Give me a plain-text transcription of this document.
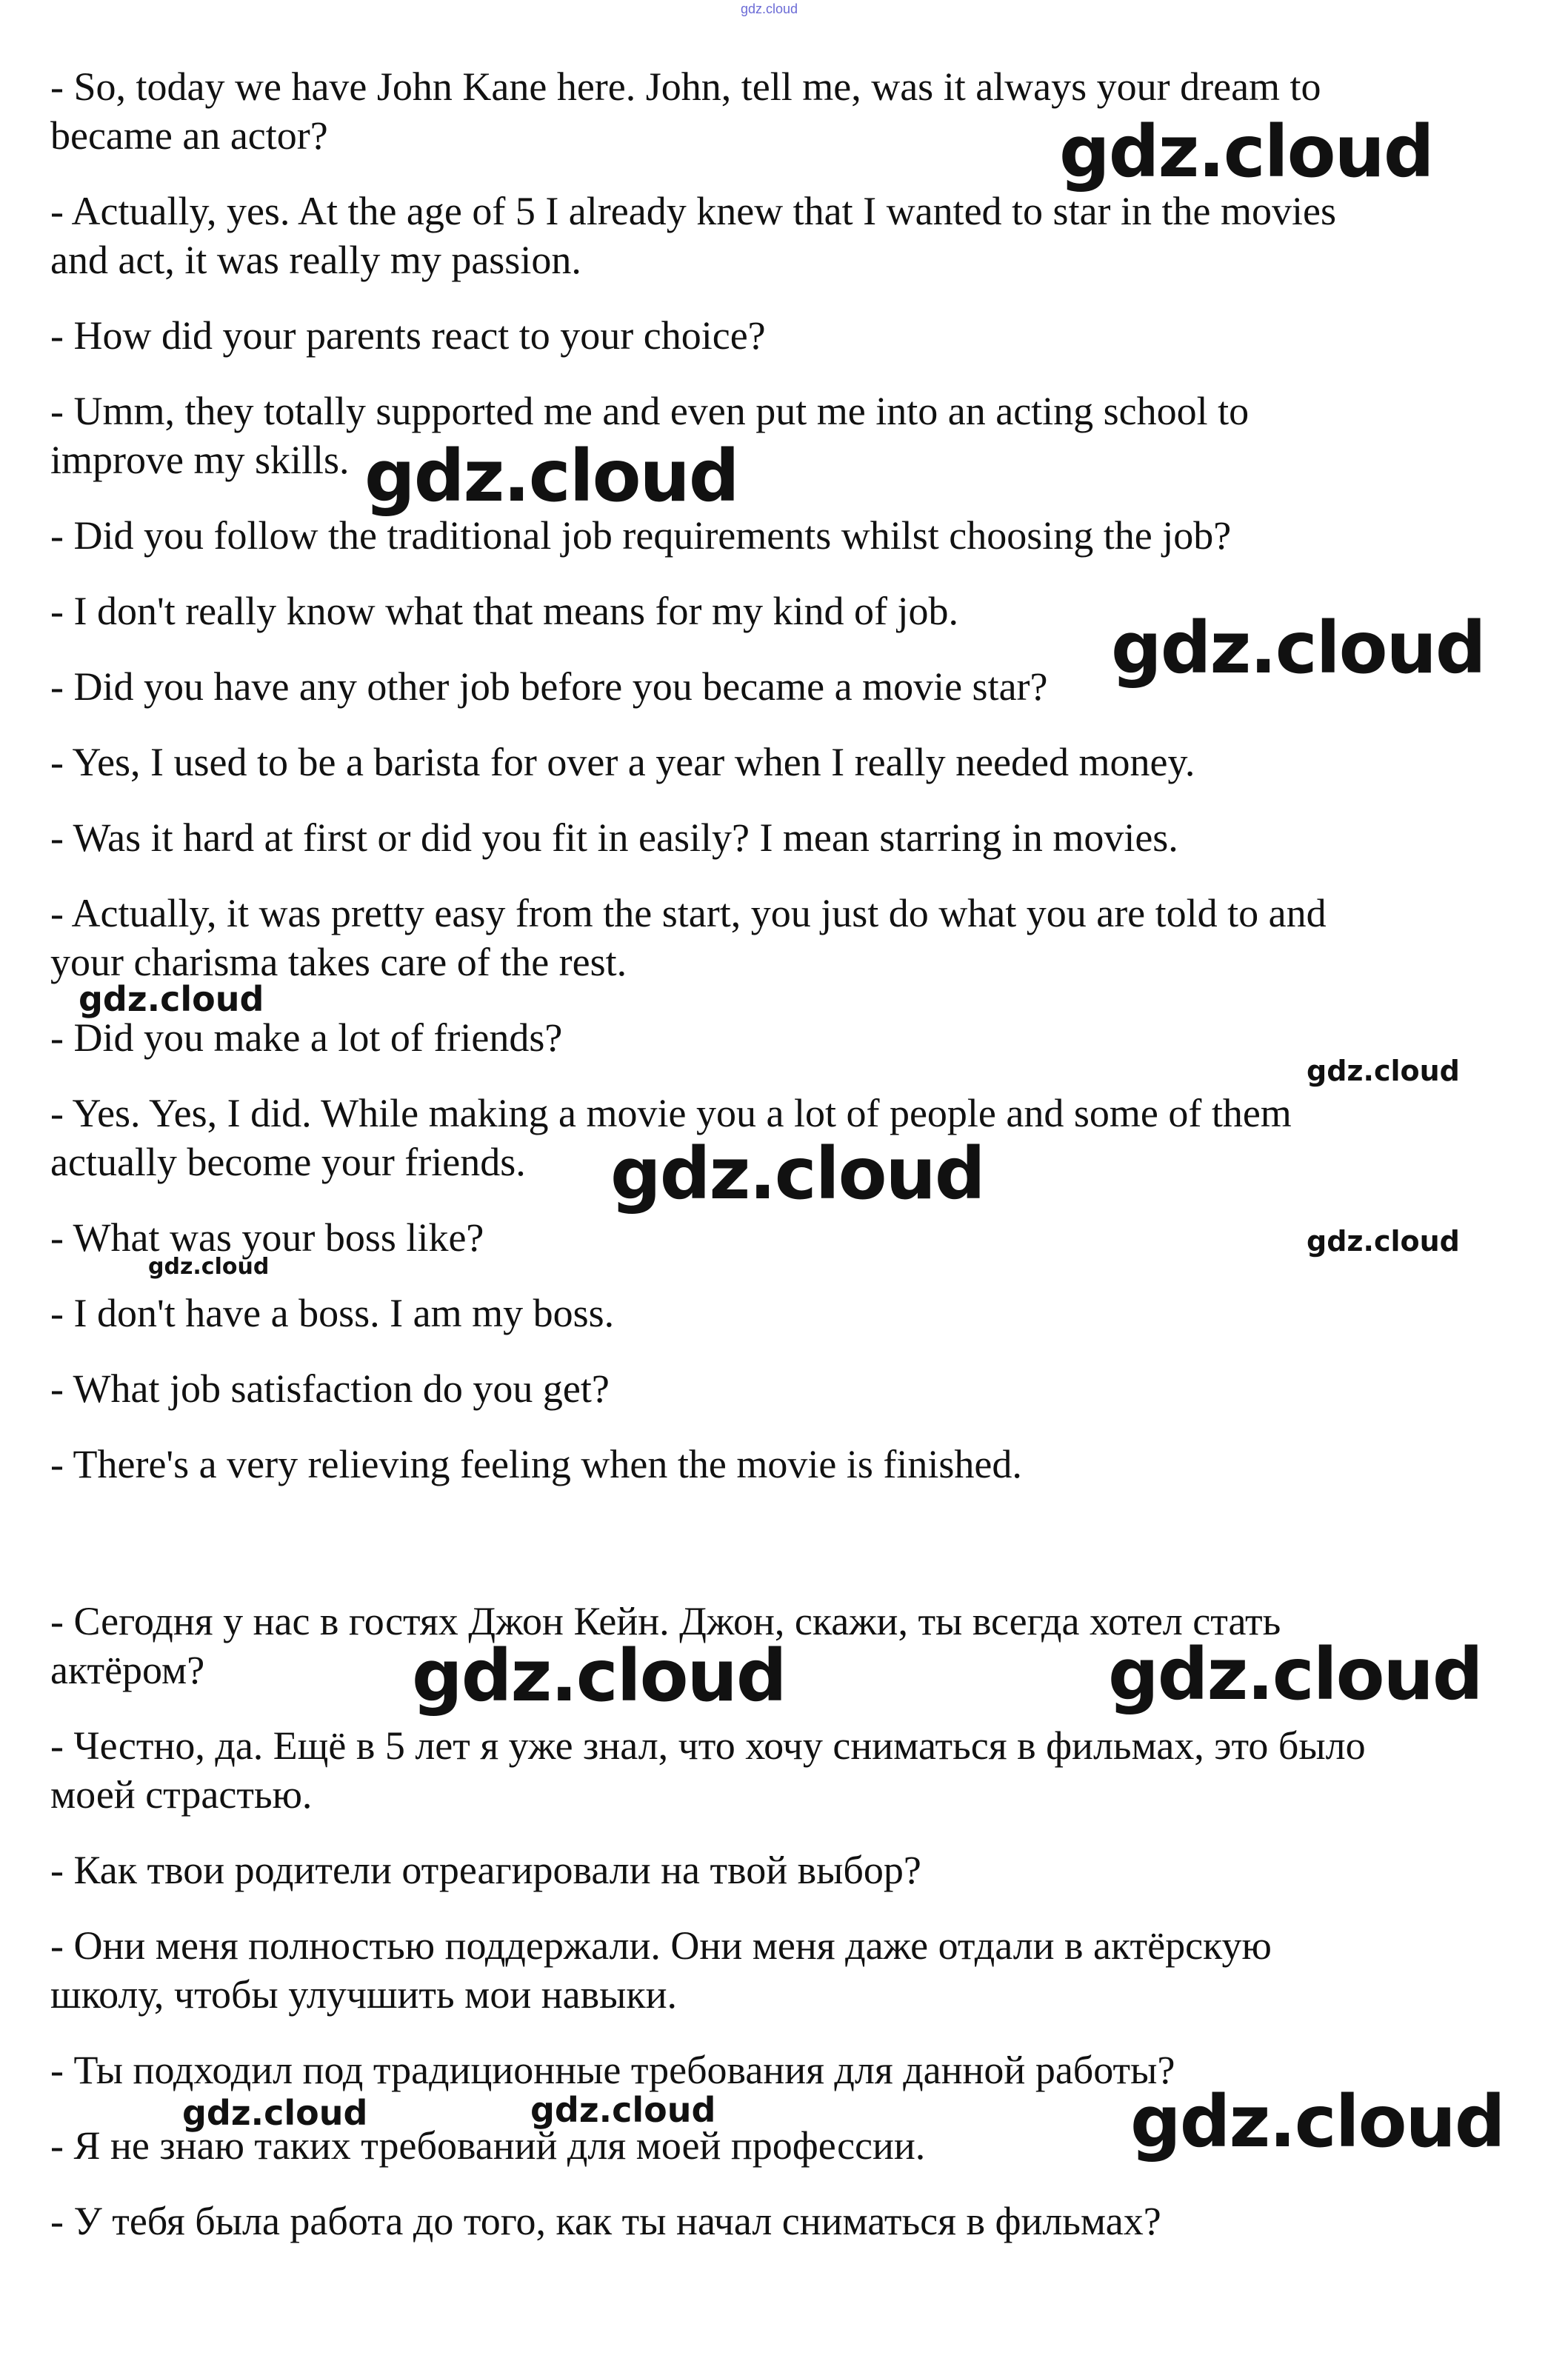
gdz.cloud
- So, today we have John Kane here. John, tell me, was it always your dream to
became an actor?
- Actually, yes. At the age of 5 I already knew that I wanted to star in the movies
and act, it was really my passion.
- How did your parents react to your choice?
- Umm, they totally supported me and even put me into an acting school to
improve my skills.
- Did you follow the traditional job requirements whilst choosing the job?
- I don't really know what that means for my kind of job.
- Did you have any other job before you became a movie star?
- Yes, I used to be a barista for over a year when I really needed money.
- Was it hard at first or did you fit in easily? I mean starring in movies.
- Actually, it was pretty easy from the start, you just do what you are told to and
your charisma takes care of the rest.
- Did you make a lot of friends?
- Yes. Yes, I did. While making a movie you a lot of people and some of them
actually become your friends.
- What was your boss like?
- I don't have a boss. I am my boss.
- What job satisfaction do you get?
- There's a very relieving feeling when the movie is finished.
- Сегодня у нас в гостях Джон Кейн. Джон, скажи, ты всегда хотел стать
актёром?
- Честно, да. Ещё в 5 лет я уже знал, что хочу сниматься в фильмах, это было
моей страстью.
- Как твои родители отреагировали на твой выбор?
- Они меня полностью поддержали. Они меня даже отдали в актёрскую
школу, чтобы улучшить мои навыки.
- Ты подходил под традиционные требования для данной работы?
- Я не знаю таких требований для моей профессии.
- У тебя была работа до того, как ты начал сниматься в фильмах?
gdz.cloud
gdz.cloud
gdz.cloud
gdz.cloud
gdz.cloud
gdz.cloud
gdz.cloud
gdz.cloud
gdz.cloud	gdz.cloud
gdz.cloud	gdz.cloud	gdz.cloud
